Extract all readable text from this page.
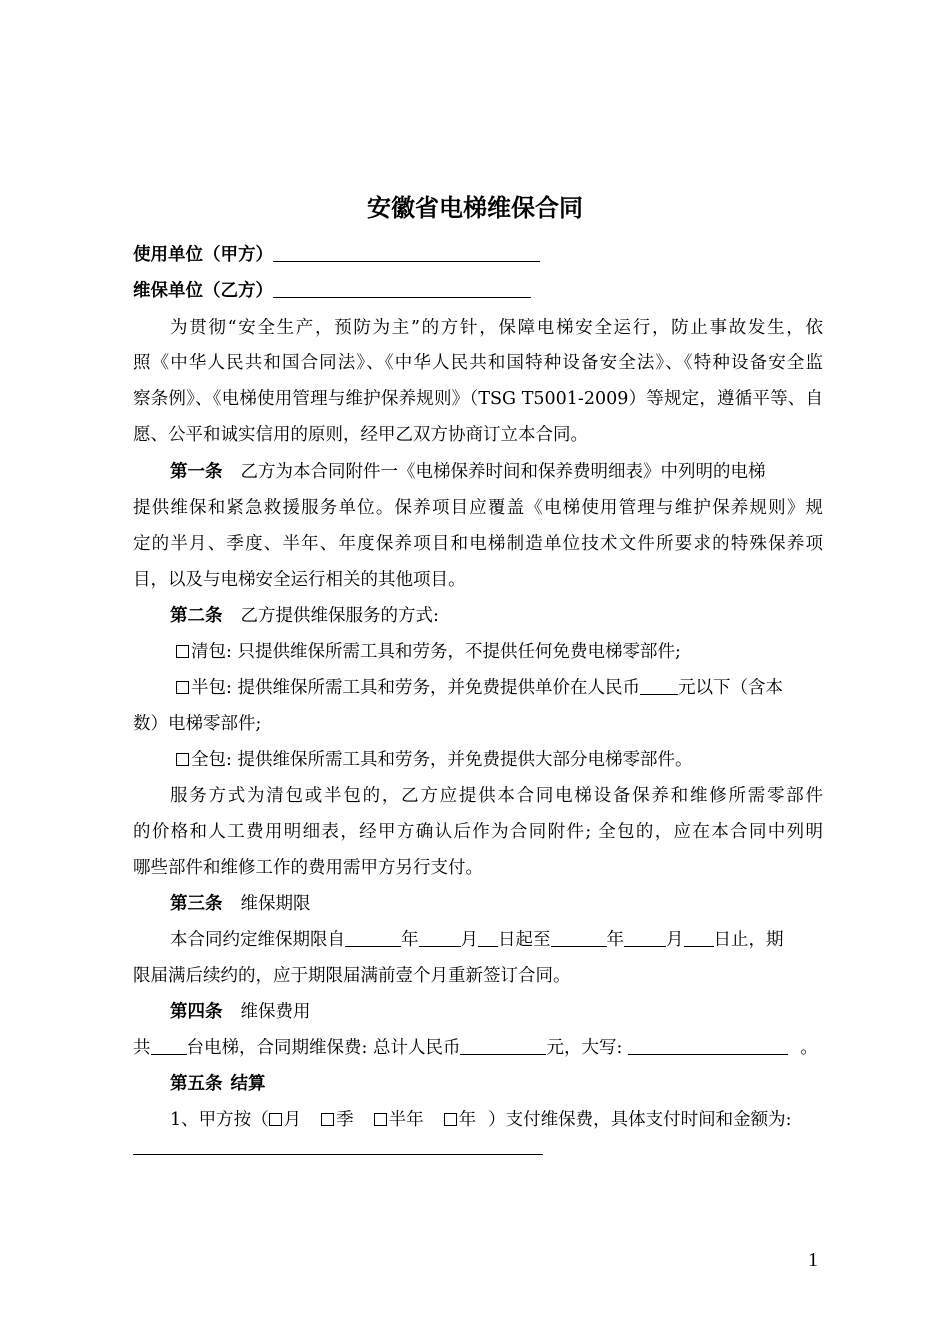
安徽省电梯维保合同
使用单位（甲方）
维保单位（乙方）
为贯彻“安全生产，预防为主”的方针，保障电梯安全运行，防止事故发生，依
照《中华人民共和国合同法》、《中华人民共和国特种设备安全法》、《特种设备安全监
察条例》、《电梯使用管理与维护保养规则》（TSG T5001-2009）等规定，遵循平等、自
愿、公平和诚实信用的原则，经甲乙双方协商订立本合同。
第一条 乙方为本合同附件一《电梯保养时间和保养费明细表》中列明的电梯
提供维保和紧急救援服务单位。保养项目应覆盖《电梯使用管理与维护保养规则》规
定的半月、季度、半年、年度保养项目和电梯制造单位技术文件所要求的特殊保养项
目，以及与电梯安全运行相关的其他项目。
第二条 乙方提供维保服务的方式:
清包: 只提供维保所需工具和劳务，不提供任何免费电梯零部件;
半包: 提供维保所需工具和劳务，并免费提供单价在人民币 元以下（含本
数）电梯零部件;
全包: 提供维保所需工具和劳务，并免费提供大部分电梯零部件。
服务方式为清包或半包的，乙方应提供本合同电梯设备保养和维修所需零部件
的价格和人工费用明细表，经甲方确认后作为合同附件; 全包的，应在本合同中列明
哪些部件和维修工作的费用需甲方另行支付。
第三条 维保期限
本合同约定维保期限自	年 月 日起至	年 月 日止，期
限届满后续约的，应于期限届满前壹个月重新签订合同。
第四条 维保费用
共 台电梯，合同期维保费: 总计人民币	元，大写:	。
第五条 结算
1、甲方按（ 月 季 半年 年 ）支付维保费，具体支付时间和金额为:
1
